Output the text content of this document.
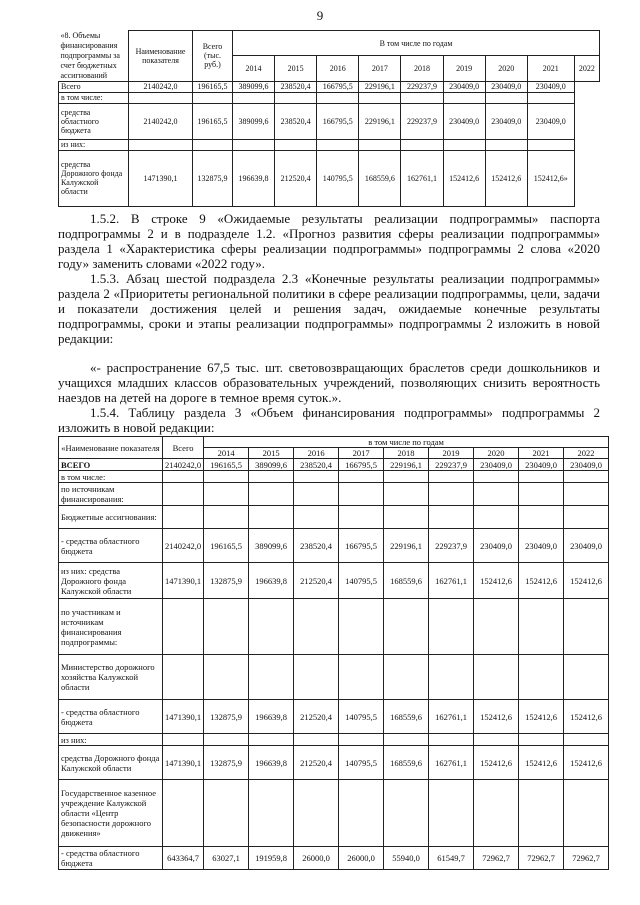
9
«8. Объемы финансирования подпрограммы за счет бюджетных ассигнований	Наименование показателя	Всего (тыс. руб.)	В том числе по годам								
			2014	2015	2016	2017	2018	2019	2020	2021	2022
Всего	2140242,0	196165,5	389099,6	238520,4	166795,5	229196,1	229237,9	230409,0	230409,0	230409,0	
в том числе:											
средства областного бюджета	2140242,0	196165,5	389099,6	238520,4	166795,5	229196,1	229237,9	230409,0	230409,0	230409,0	
из них:											
средства Дорожного фонда Калужской области	1471390,1	132875,9	196639,8	212520,4	140795,5	168559,6	162761,1	152412,6	152412,6	152412,6»	
1.5.2. В строке 9 «Ожидаемые результаты реализации подпрограммы» паспорта подпрограммы 2 и в подразделе 1.2. «Прогноз развития сферы реализации подпрограммы» раздела 1 «Характеристика сферы реализации подпрограммы» подпрограммы 2 слова «2020 году» заменить словами «2022 году».
1.5.3. Абзац шестой подраздела 2.3 «Конечные результаты реализации подпрограммы» раздела 2 «Приоритеты региональной политики в сфере реализации подпрограммы, цели, задачи и показатели достижения целей и решения задач, ожидаемые конечные результаты подпрограммы, сроки и этапы реализации подпрограммы» подпрограммы 2 изложить в новой редакции:
«- распространение 67,5 тыс. шт. световозвращающих браслетов среди дошкольников и учащихся младших классов образовательных учреждений, позволяющих снизить вероятность наездов на детей на дороге в темное время суток.».
1.5.4. Таблицу раздела 3 «Объем финансирования подпрограммы» подпрограммы 2 изложить в новой редакции:
«Наименование показателя	Всего	в том числе по годам								
		2014	2015	2016	2017	2018	2019	2020	2021	2022
ВСЕГО	2140242,0	196165,5	389099,6	238520,4	166795,5	229196,1	229237,9	230409,0	230409,0	230409,0
в том числе:										
по источникам финансирования:										
Бюджетные ассигнования:										
- средства областного бюджета	2140242,0	196165,5	389099,6	238520,4	166795,5	229196,1	229237,9	230409,0	230409,0	230409,0
из них: средства Дорожного фонда Калужской области	1471390,1	132875,9	196639,8	212520,4	140795,5	168559,6	162761,1	152412,6	152412,6	152412,6
по участникам и источникам финансирования подпрограммы:										
Министерство дорожного хозяйства Калужской области										
- средства областного бюджета	1471390,1	132875,9	196639,8	212520,4	140795,5	168559,6	162761,1	152412,6	152412,6	152412,6
из них:										
средства Дорожного фонда Калужской области	1471390,1	132875,9	196639,8	212520,4	140795,5	168559,6	162761,1	152412,6	152412,6	152412,6
Государственное казенное учреждение Калужской области «Центр безопасности дорожного движения»										
- средства областного бюджета	643364,7	63027,1	191959,8	26000,0	26000,0	55940,0	61549,7	72962,7	72962,7	72962,7
